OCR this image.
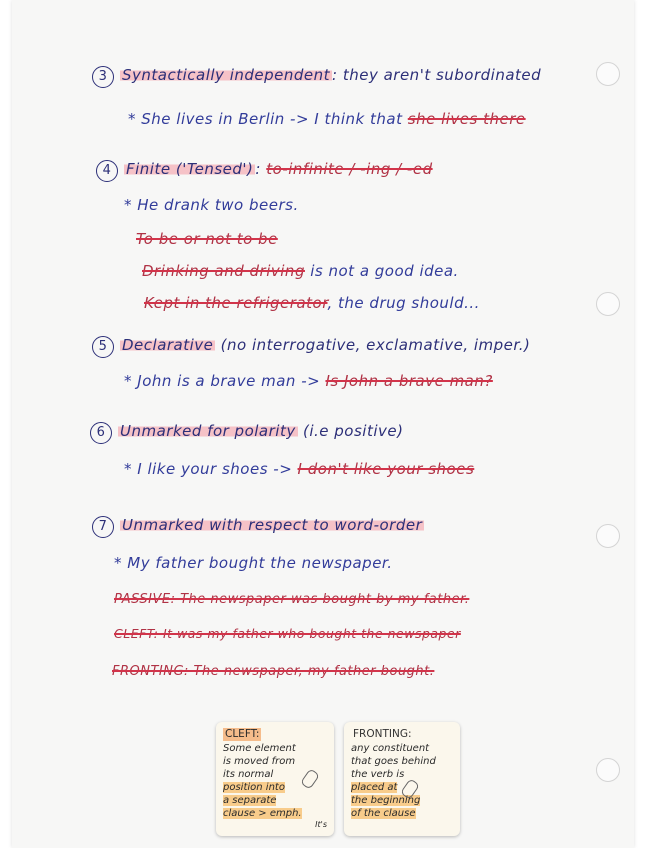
3 Syntactically independent : they aren't subordinated
* She lives in Berlin -> I think that she lives there
4 Finite ('Tensed') : to-infinite / -ing / -ed
* He drank two beers.
To be or not to be
Drinking and driving is not a good idea.
Kept in the refrigerator, the drug should...
5 Declarative (no interrogative, exclamative, imper.)
* John is a brave man -> Is John a brave man?
6 Unmarked for polarity (i.e positive)
* I like your shoes -> I don't like your shoes
7 Unmarked with respect to word-order
* My father bought the newspaper.
PASSIVE: The newspaper was bought by my father.
CLEFT: It was my father who bought the newspaper
FRONTING: The newspaper, my father bought.
CLEFT:
Some element
is moved from
its normal
position into
a separate
clause > emph.
It's
FRONTING:
any constituent
that goes behind
the verb is
placed at
the beginning
of the clause
